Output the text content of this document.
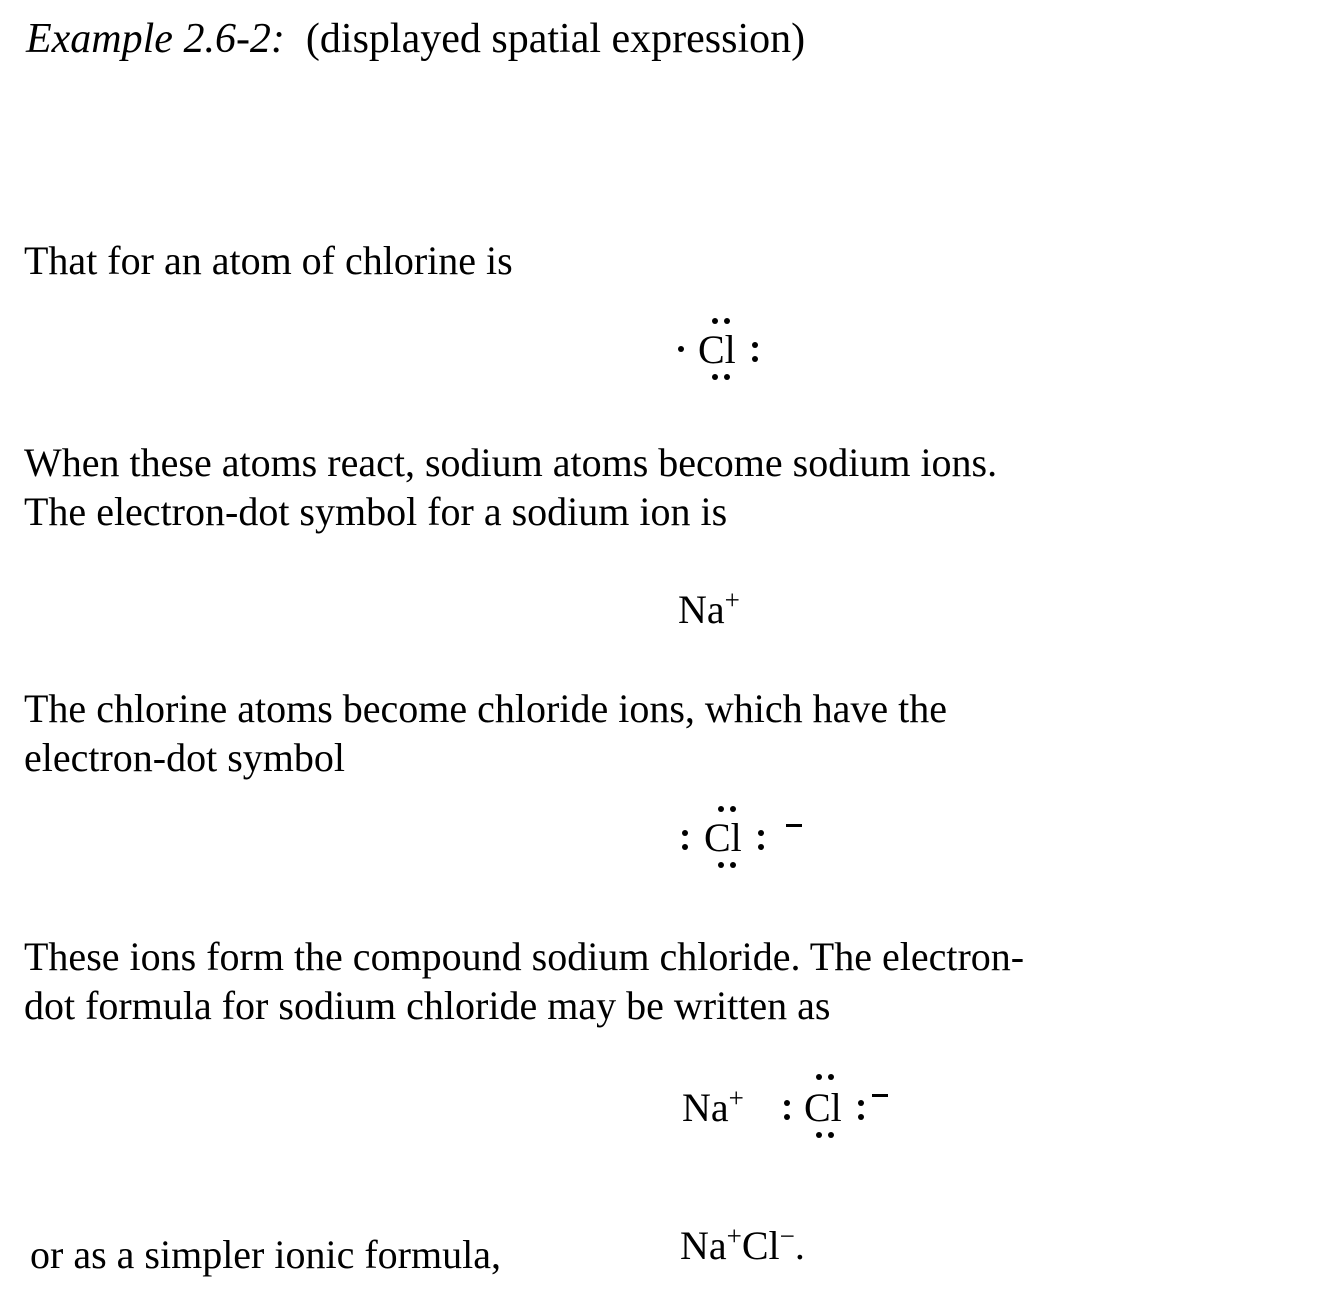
Example 2.6-2: (displayed spatial expression)
That for an atom of chlorine is
Cl
When these atoms react, sodium atoms become sodium ions.
The electron-dot symbol for a sodium ion is
Na+
The chlorine atoms become chloride ions, which have the
electron-dot symbol
Cl
These ions form the compound sodium chloride. The electron-
dot formula for sodium chloride may be written as
Na+ Cl
or as a simpler ionic formula,	Na+Cl−.
